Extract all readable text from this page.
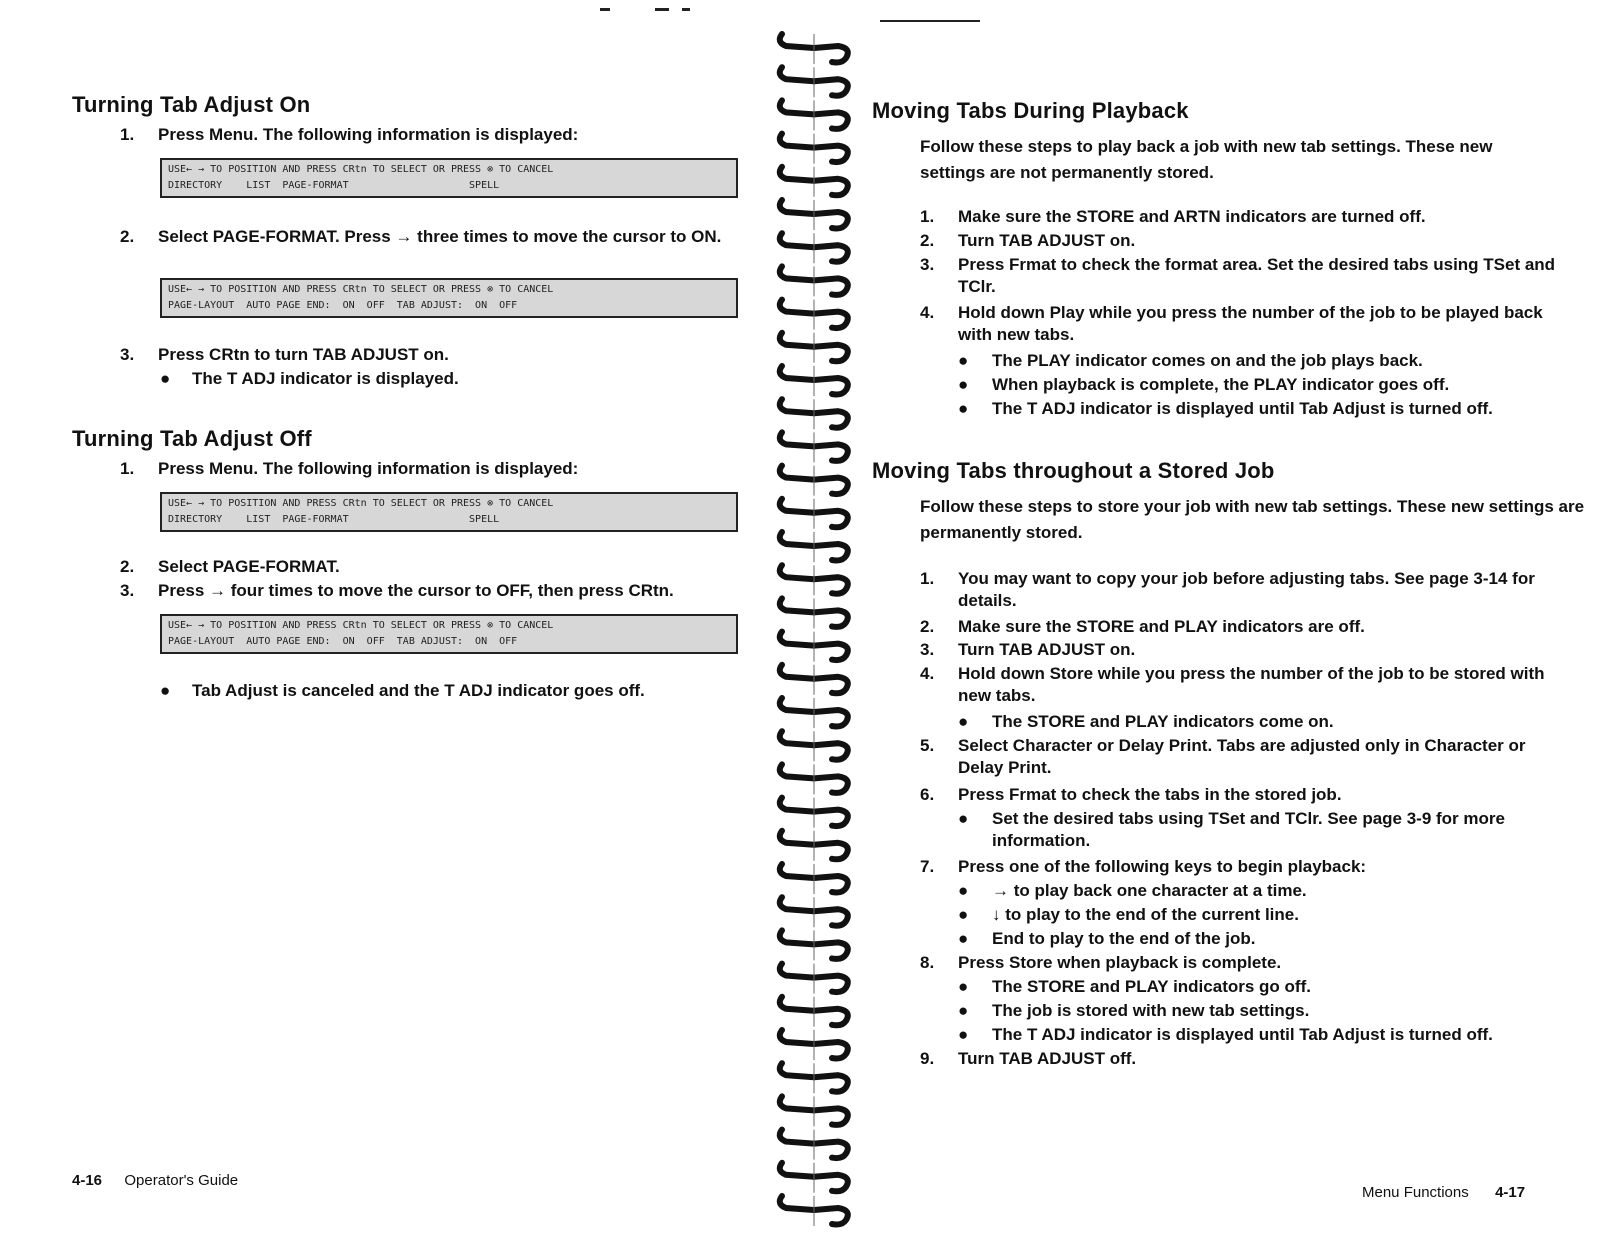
Turning Tab Adjust On
1.	Press Menu. The following information is displayed:
USE← → TO POSITION AND PRESS CRtn TO SELECT OR PRESS ⊗ TO CANCEL
DIRECTORY    LIST  PAGE-FORMAT                    SPELL
2.	Select PAGE-FORMAT. Press → three times to move the cursor to ON.
USE← → TO POSITION AND PRESS CRtn TO SELECT OR PRESS ⊗ TO CANCEL
PAGE-LAYOUT  AUTO PAGE END:  ON  OFF  TAB ADJUST:  ON  OFF
3.	Press CRtn to turn TAB ADJUST on.
● The T ADJ indicator is displayed.
Turning Tab Adjust Off
1.	Press Menu. The following information is displayed:
USE← → TO POSITION AND PRESS CRtn TO SELECT OR PRESS ⊗ TO CANCEL
DIRECTORY    LIST  PAGE-FORMAT                    SPELL
2.	Select PAGE-FORMAT.
3.	Press → four times to move the cursor to OFF, then press CRtn.
USE← → TO POSITION AND PRESS CRtn TO SELECT OR PRESS ⊗ TO CANCEL
PAGE-LAYOUT  AUTO PAGE END:  ON  OFF  TAB ADJUST:  ON  OFF
● Tab Adjust is canceled and the T ADJ indicator goes off.
4-16 Operator's Guide
Moving Tabs During Playback
Follow these steps to play back a job with new tab settings. These new settings are not permanently stored.
1.	Make sure the STORE and ARTN indicators are turned off.
2.	Turn TAB ADJUST on.
3.	Press Frmat to check the format area. Set the desired tabs using TSet and TClr.
4.	Hold down Play while you press the number of the job to be played back with new tabs.
● The PLAY indicator comes on and the job plays back.
● When playback is complete, the PLAY indicator goes off.
● The T ADJ indicator is displayed until Tab Adjust is turned off.
Moving Tabs throughout a Stored Job
Follow these steps to store your job with new tab settings. These new settings are permanently stored.
1.	You may want to copy your job before adjusting tabs. See page 3-14 for details.
2.	Make sure the STORE and PLAY indicators are off.
3.	Turn TAB ADJUST on.
4.	Hold down Store while you press the number of the job to be stored with new tabs.
● The STORE and PLAY indicators come on.
5.	Select Character or Delay Print. Tabs are adjusted only in Character or Delay Print.
6.	Press Frmat to check the tabs in the stored job.
● Set the desired tabs using TSet and TClr. See page 3-9 for more information.
7.	Press one of the following keys to begin playback:
● → to play back one character at a time.
● ↓ to play to the end of the current line.
● End to play to the end of the job.
8.	Press Store when playback is complete.
● The STORE and PLAY indicators go off.
● The job is stored with new tab settings.
● The T ADJ indicator is displayed until Tab Adjust is turned off.
9.	Turn TAB ADJUST off.
Menu Functions 4-17
